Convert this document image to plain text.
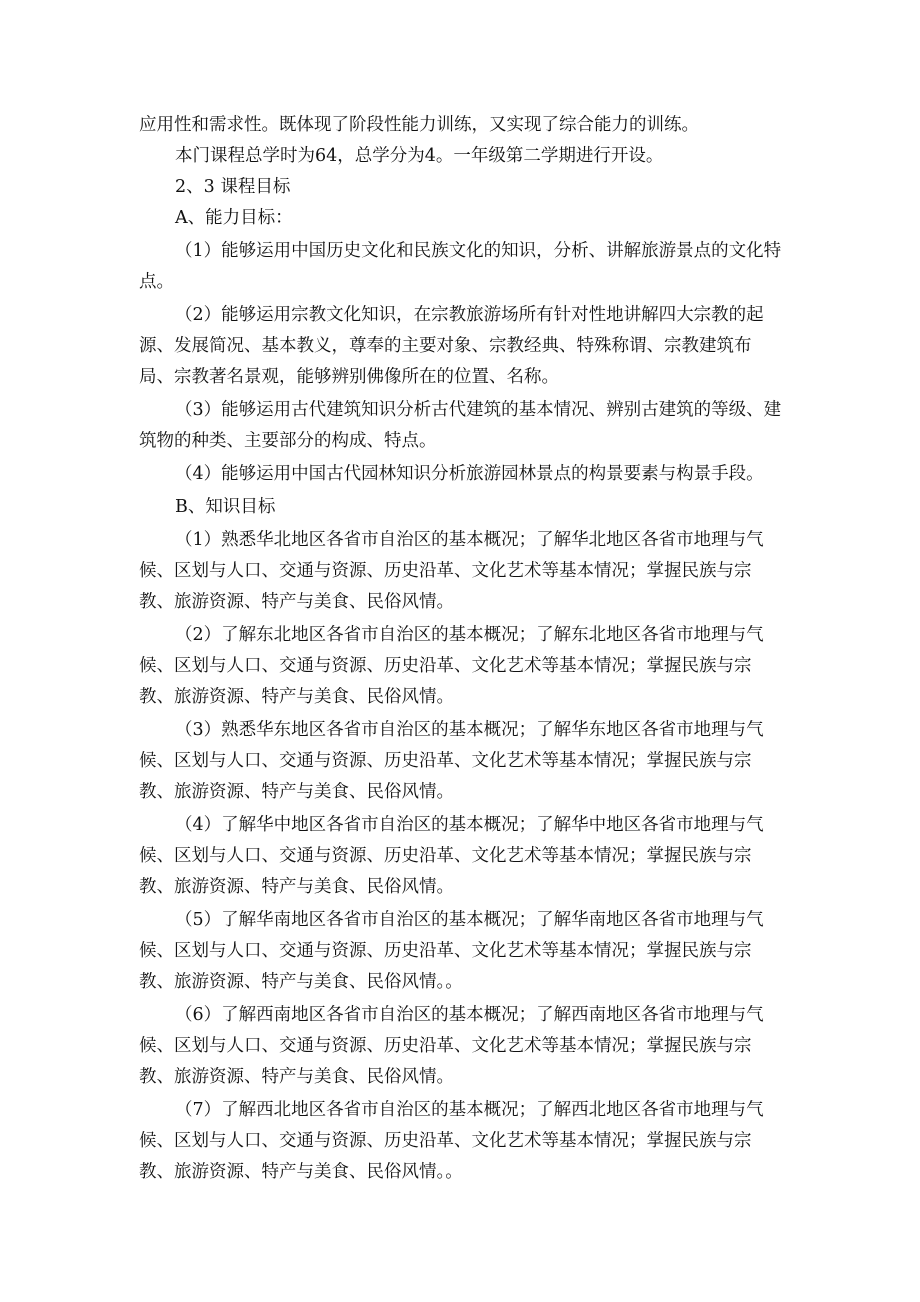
应用性和需求性。既体现了阶段性能力训练，又实现了综合能力的训练。

本门课程总学时为64，总学分为4。一年级第二学期进行开设。

2、3 课程目标

A、能力目标：

（1）能够运用中国历史文化和民族文化的知识，分析、讲解旅游景点的文化特点。

（2）能够运用宗教文化知识，在宗教旅游场所有针对性地讲解四大宗教的起源、发展简况、基本教义，尊奉的主要对象、宗教经典、特殊称谓、宗教建筑布局、宗教著名景观，能够辨别佛像所在的位置、名称。

（3）能够运用古代建筑知识分析古代建筑的基本情况、辨别古建筑的等级、建筑物的种类、主要部分的构成、特点。

（4）能够运用中国古代园林知识分析旅游园林景点的构景要素与构景手段。

B、知识目标

（1）熟悉华北地区各省市自治区的基本概况；了解华北地区各省市地理与气候、区划与人口、交通与资源、历史沿革、文化艺术等基本情况；掌握民族与宗教、旅游资源、特产与美食、民俗风情。

（2）了解东北地区各省市自治区的基本概况；了解东北地区各省市地理与气候、区划与人口、交通与资源、历史沿革、文化艺术等基本情况；掌握民族与宗教、旅游资源、特产与美食、民俗风情。

（3）熟悉华东地区各省市自治区的基本概况；了解华东地区各省市地理与气候、区划与人口、交通与资源、历史沿革、文化艺术等基本情况；掌握民族与宗教、旅游资源、特产与美食、民俗风情。

（4）了解华中地区各省市自治区的基本概况；了解华中地区各省市地理与气候、区划与人口、交通与资源、历史沿革、文化艺术等基本情况；掌握民族与宗教、旅游资源、特产与美食、民俗风情。

（5）了解华南地区各省市自治区的基本概况；了解华南地区各省市地理与气候、区划与人口、交通与资源、历史沿革、文化艺术等基本情况；掌握民族与宗教、旅游资源、特产与美食、民俗风情。。

（6）了解西南地区各省市自治区的基本概况；了解西南地区各省市地理与气候、区划与人口、交通与资源、历史沿革、文化艺术等基本情况；掌握民族与宗教、旅游资源、特产与美食、民俗风情。

（7）了解西北地区各省市自治区的基本概况；了解西北地区各省市地理与气候、区划与人口、交通与资源、历史沿革、文化艺术等基本情况；掌握民族与宗教、旅游资源、特产与美食、民俗风情。。
